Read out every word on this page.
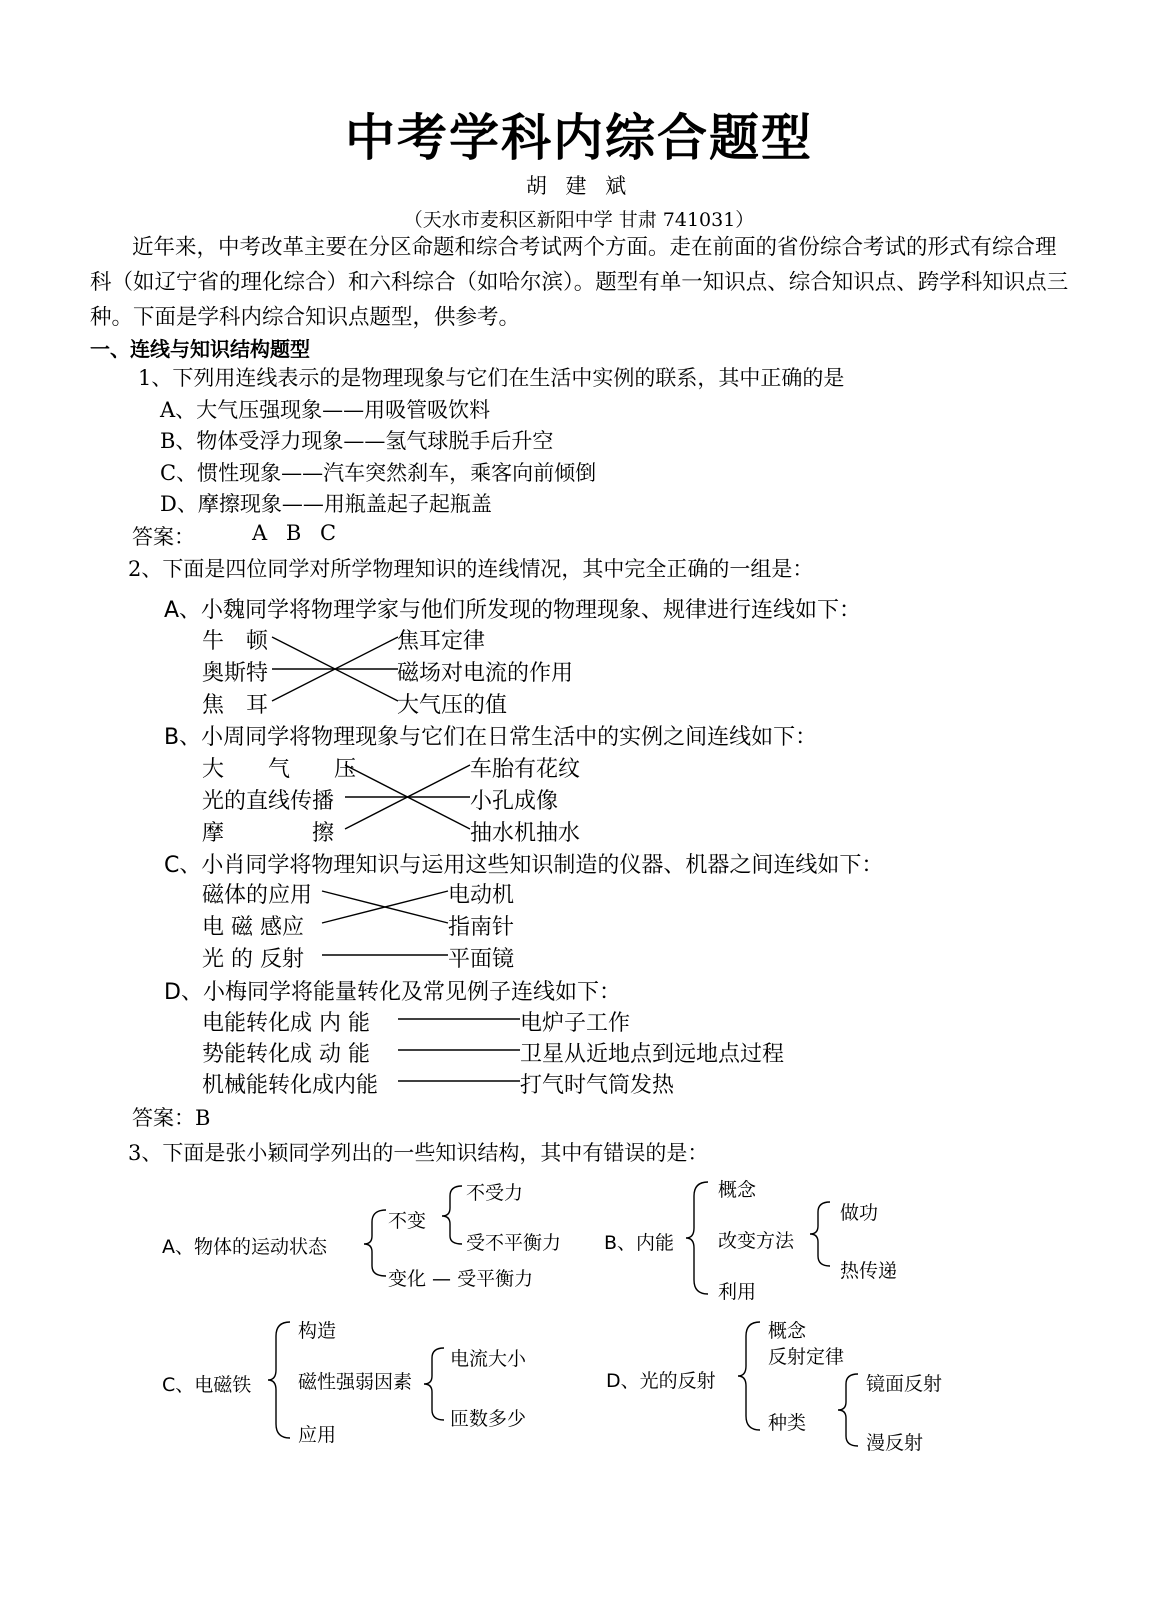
中考学科内综合题型
胡 建 斌
（天水市麦积区新阳中学 甘肃 741031）
近年来，中考改革主要在分区命题和综合考试两个方面。走在前面的省份综合考试的形式有综合理科（如辽宁省的理化综合）和六科综合（如哈尔滨）。题型有单一知识点、综合知识点、跨学科知识点三种。下面是学科内综合知识点题型，供参考。
一、连线与知识结构题型
1、下列用连线表示的是物理现象与它们在生活中实例的联系，其中正确的是
A、大气压强现象——用吸管吸饮料
B、物体受浮力现象——氢气球脱手后升空
C、惯性现象——汽车突然刹车，乘客向前倾倒
D、摩擦现象——用瓶盖起子起瓶盖
答案：	A B C
2、下面是四位同学对所学物理知识的连线情况，其中完全正确的一组是：
A、小魏同学将物理学家与他们所发现的物理现象、规律进行连线如下：
牛　顿
奥斯特
焦　耳
焦耳定律
磁场对电流的作用
大气压的值
B、小周同学将物理现象与它们在日常生活中的实例之间连线如下：
大　　气　　压
光的直线传播
摩　　　　擦
车胎有花纹
小孔成像
抽水机抽水
C、小肖同学将物理知识与运用这些知识制造的仪器、机器之间连线如下：
磁体的应用
电 磁 感应
光 的 反射
电动机
指南针
平面镜
D、小梅同学将能量转化及常见例子连线如下：
电能转化成 内 能
势能转化成 动 能
机械能转化成内能
电炉子工作
卫星从近地点到远地点过程
打气时气筒发热
答案：B
3、下面是张小颖同学列出的一些知识结构，其中有错误的是：
A、物体的运动状态
不变
不受力
受不平衡力
变化 — 受平衡力
B、内能
概念
改变方法
做功
热传递
利用
C、电磁铁
构造
磁性强弱因素
电流大小
匝数多少
应用
D、光的反射
概念
反射定律
种类
镜面反射
漫反射
